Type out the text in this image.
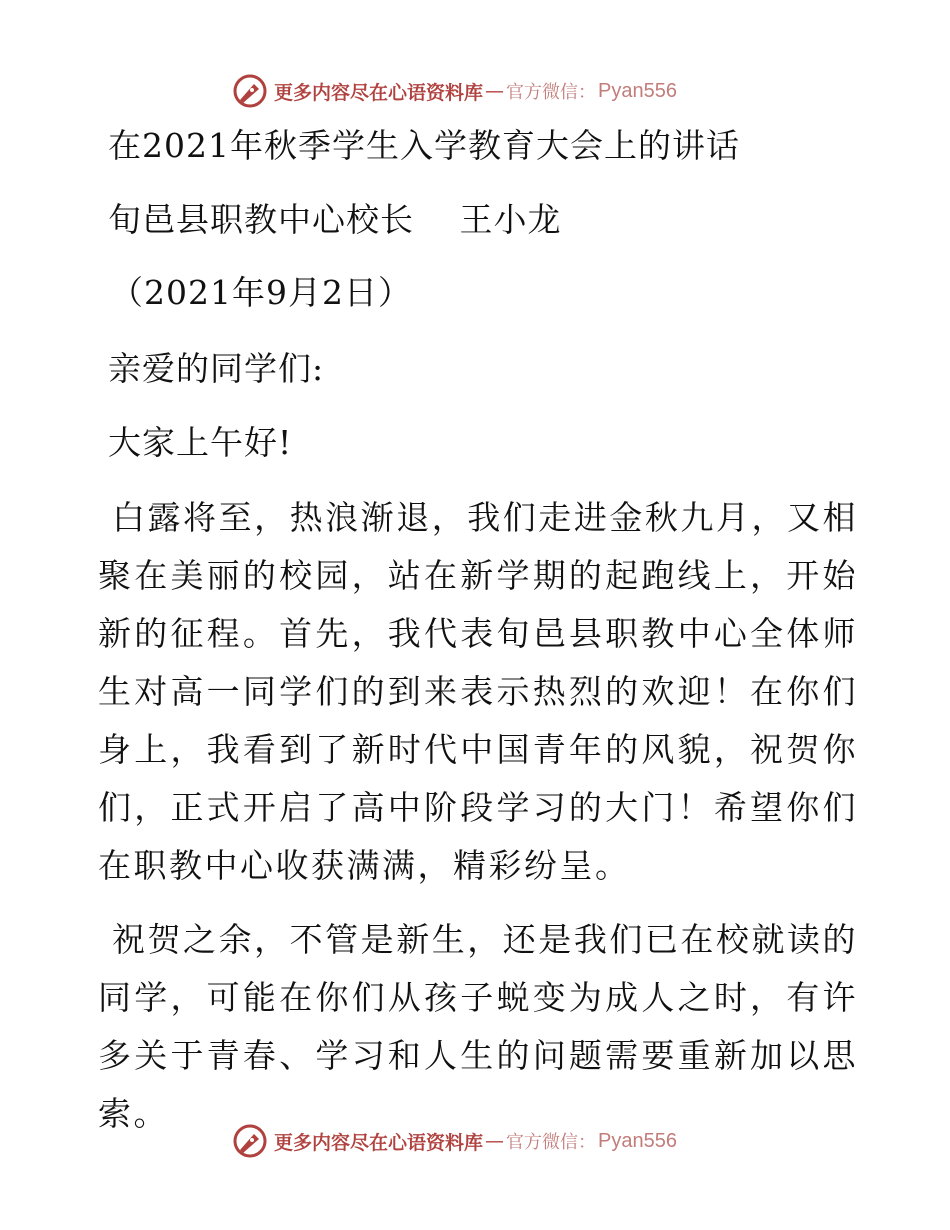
更多内容尽在心语资料库 — 官方微信： Pyan556
在2021年秋季学生入学教育大会上的讲话
旬邑县职教中心校长　 王小龙
（2021年9月2日）
亲爱的同学们:
大家上午好!
白露将至，热浪渐退，我们走进金秋九月，又相聚在美丽的校园，站在新学期的起跑线上，开始新的征程。首先，我代表旬邑县职教中心全体师生对高一同学们的到来表示热烈的欢迎！在你们身上，我看到了新时代中国青年的风貌，祝贺你们，正式开启了高中阶段学习的大门！希望你们在职教中心收获满满，精彩纷呈。
祝贺之余，不管是新生，还是我们已在校就读的同学，可能在你们从孩子蜕变为成人之时，有许多关于青春、学习和人生的问题需要重新加以思索。
更多内容尽在心语资料库 — 官方微信： Pyan556
